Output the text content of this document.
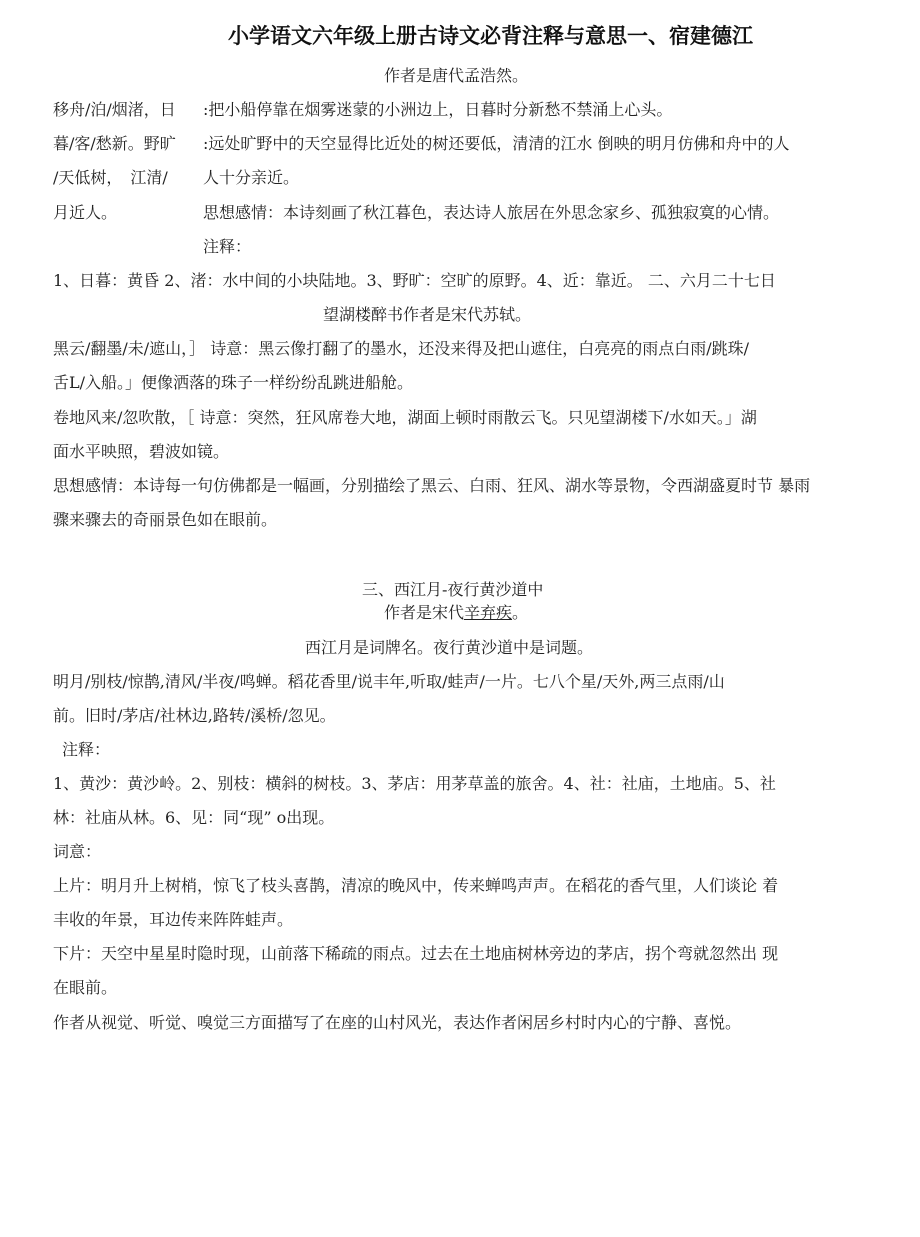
小学语文六年级上册古诗文必背注释与意思一、宿建德江
作者是唐代孟浩然。
移舟/泊/烟渚，日
暮/客/愁新。野旷
/天低树，　江清/
月近人。
:把小船停靠在烟雾迷蒙的小洲边上，日暮时分新愁不禁涌上心头。
:远处旷野中的天空显得比近处的树还要低，清清的江水 倒映的明月仿佛和舟中的人
人十分亲近。
思想感情：本诗刻画了秋江暮色，表达诗人旅居在外思念家乡、孤独寂寞的心情。
注释：
1、日暮：黄昏 2、渚：水中间的小块陆地。3、野旷：空旷的原野。4、近：靠近。 二、六月二十七日
望湖楼醉书作者是宋代苏轼。
黑云/翻墨/未/遮山，］ 诗意：黑云像打翻了的墨水，还没来得及把山遮住，白亮亮的雨点白雨/跳珠/
舌L/入船。」便像洒落的珠子一样纷纷乱跳进船舱。
卷地风来/忽吹散，［ 诗意：突然，狂风席卷大地，湖面上顿时雨散云飞。只见望湖楼下/水如天。」湖
面水平映照，碧波如镜。
思想感情：本诗每一句仿佛都是一幅画，分别描绘了黑云、白雨、狂风、湖水等景物，令西湖盛夏时节 暴雨
骤来骤去的奇丽景色如在眼前。
三、西江月-夜行黄沙道中
作者是宋代辛弃疾。
西江月是词牌名。夜行黄沙道中是词题。
明月/别枝/惊鹊,清风/半夜/鸣蝉。稻花香里/说丰年,听取/蛙声/一片。七八个星/天外,两三点雨/山
前。旧时/茅店/社林边,路转/溪桥/忽见。
注释：
1、黄沙：黄沙岭。2、别枝：横斜的树枝。3、茅店：用茅草盖的旅舍。4、社：社庙，土地庙。5、社
林：社庙从林。6、见：同“现” o出现。
词意：
上片：明月升上树梢，惊飞了枝头喜鹊，清凉的晚风中，传来蝉鸣声声。在稻花的香气里，人们谈论 着
丰收的年景，耳边传来阵阵蛙声。
下片：天空中星星时隐时现，山前落下稀疏的雨点。过去在土地庙树林旁边的茅店，拐个弯就忽然出 现
在眼前。
作者从视觉、听觉、嗅觉三方面描写了在座的山村风光，表达作者闲居乡村时内心的宁静、喜悦。
